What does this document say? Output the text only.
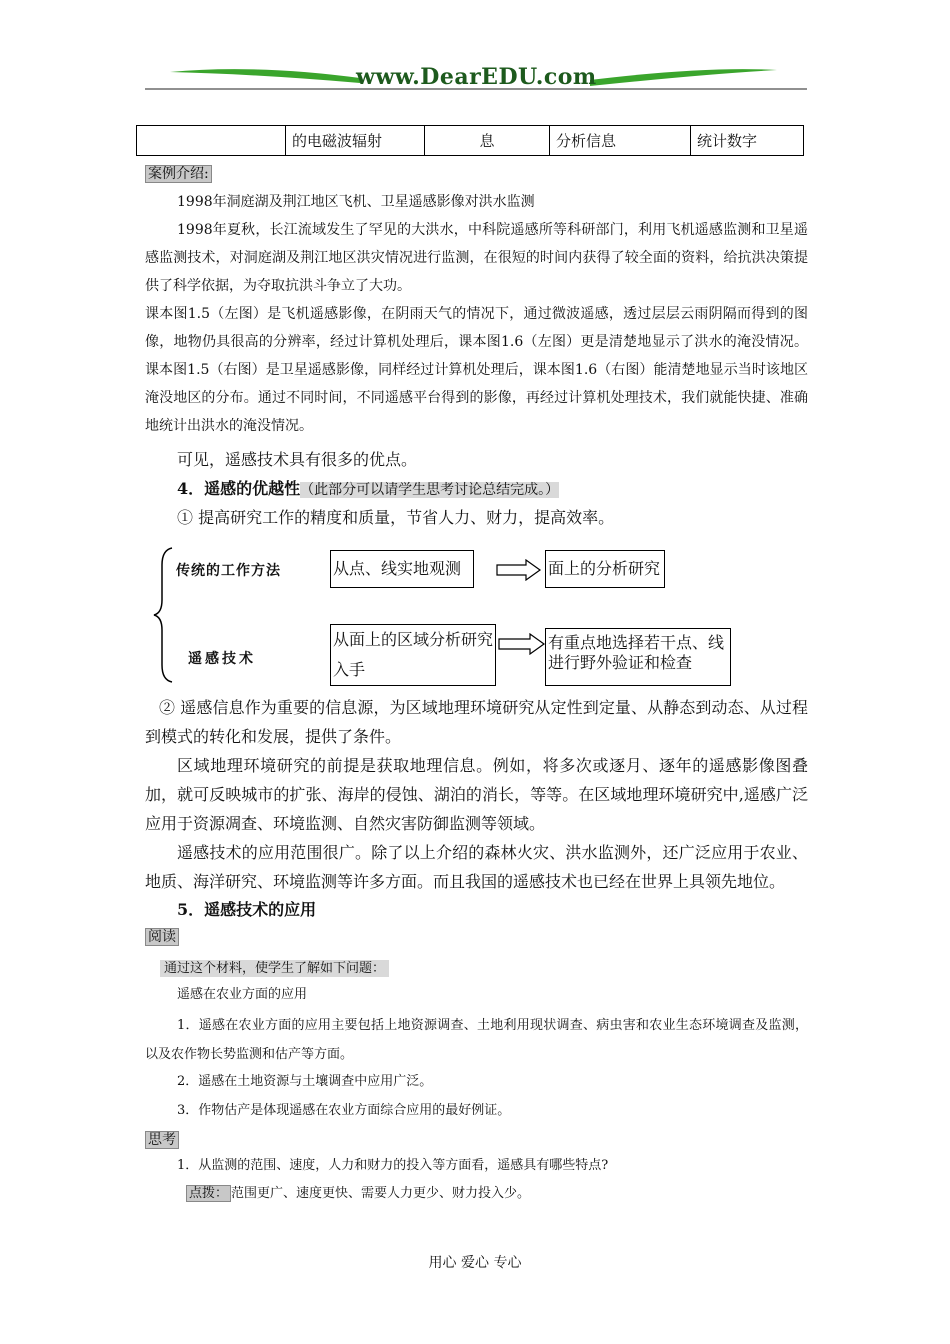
www.DearEDU.com
	的电磁波辐射	息	分析信息	统计数字
案例介绍:
1998年洞庭湖及荆江地区飞机、卫星遥感影像对洪水监测
1998年夏秋，长江流域发生了罕见的大洪水，中科院遥感所等科研部门，利用飞机遥感监测和卫星遥感监测技术，对洞庭湖及荆江地区洪灾情况进行监测，在很短的时间内获得了较全面的资料，给抗洪决策提供了科学依据，为夺取抗洪斗争立了大功。
课本图1.5（左图）是飞机遥感影像，在阴雨天气的情况下，通过微波遥感，透过层层云雨阴隔而得到的图像，地物仍具很高的分辨率，经过计算机处理后，课本图1.6（左图）更是清楚地显示了洪水的淹没情况。课本图1.5（右图）是卫星遥感影像，同样经过计算机处理后，课本图1.6（右图）能清楚地显示当时该地区淹没地区的分布。通过不同时间，不同遥感平台得到的影像，再经过计算机处理技术，我们就能快捷、准确地统计出洪水的淹没情况。
可见，遥感技术具有很多的优点。
4．遥感的优越性（此部分可以请学生思考讨论总结完成。）
① 提高研究工作的精度和质量，节省人力、财力，提高效率。
传统的工作方法	从点、线实地观测	面上的分析研究
遥感技术
从面上的区域分析研究入手
有重点地选择若干点、线进行野外验证和检查
② 遥感信息作为重要的信息源，为区域地理环境研究从定性到定量、从静态到动态、从过程到模式的转化和发展，提供了条件。
区域地理环境研究的前提是获取地理信息。例如，将多次或逐月、逐年的遥感影像图叠加，就可反映城市的扩张、海岸的侵蚀、湖泊的消长，等等。在区域地理环境研究中,遥感广泛应用于资源凋查、环境监测、自然灾害防御监测等领域。
遥感技术的应用范围很广。除了以上介绍的森林火灾、洪水监测外，还广泛应用于农业、地质、海洋研究、环境监测等许多方面。而且我国的遥感技术也已经在世界上具领先地位。
5．遥感技术的应用
阅读
通过这个材料，使学生了解如下问题：
遥感在农业方面的应用
1．遥感在农业方面的应用主要包括上地资源调查、土地利用现状调查、病虫害和农业生态环境调查及监测，以及农作物长势监测和估产等方面。
2．遥感在土地资源与土壤调查中应用广泛。
3．作物估产是体现遥感在农业方面综合应用的最好例证。
思考
1．从监测的范围、速度，人力和财力的投入等方面看，遥感具有哪些特点?
点拨： 范围更广、速度更快、需要人力更少、财力投入少。
用心 爱心 专心
